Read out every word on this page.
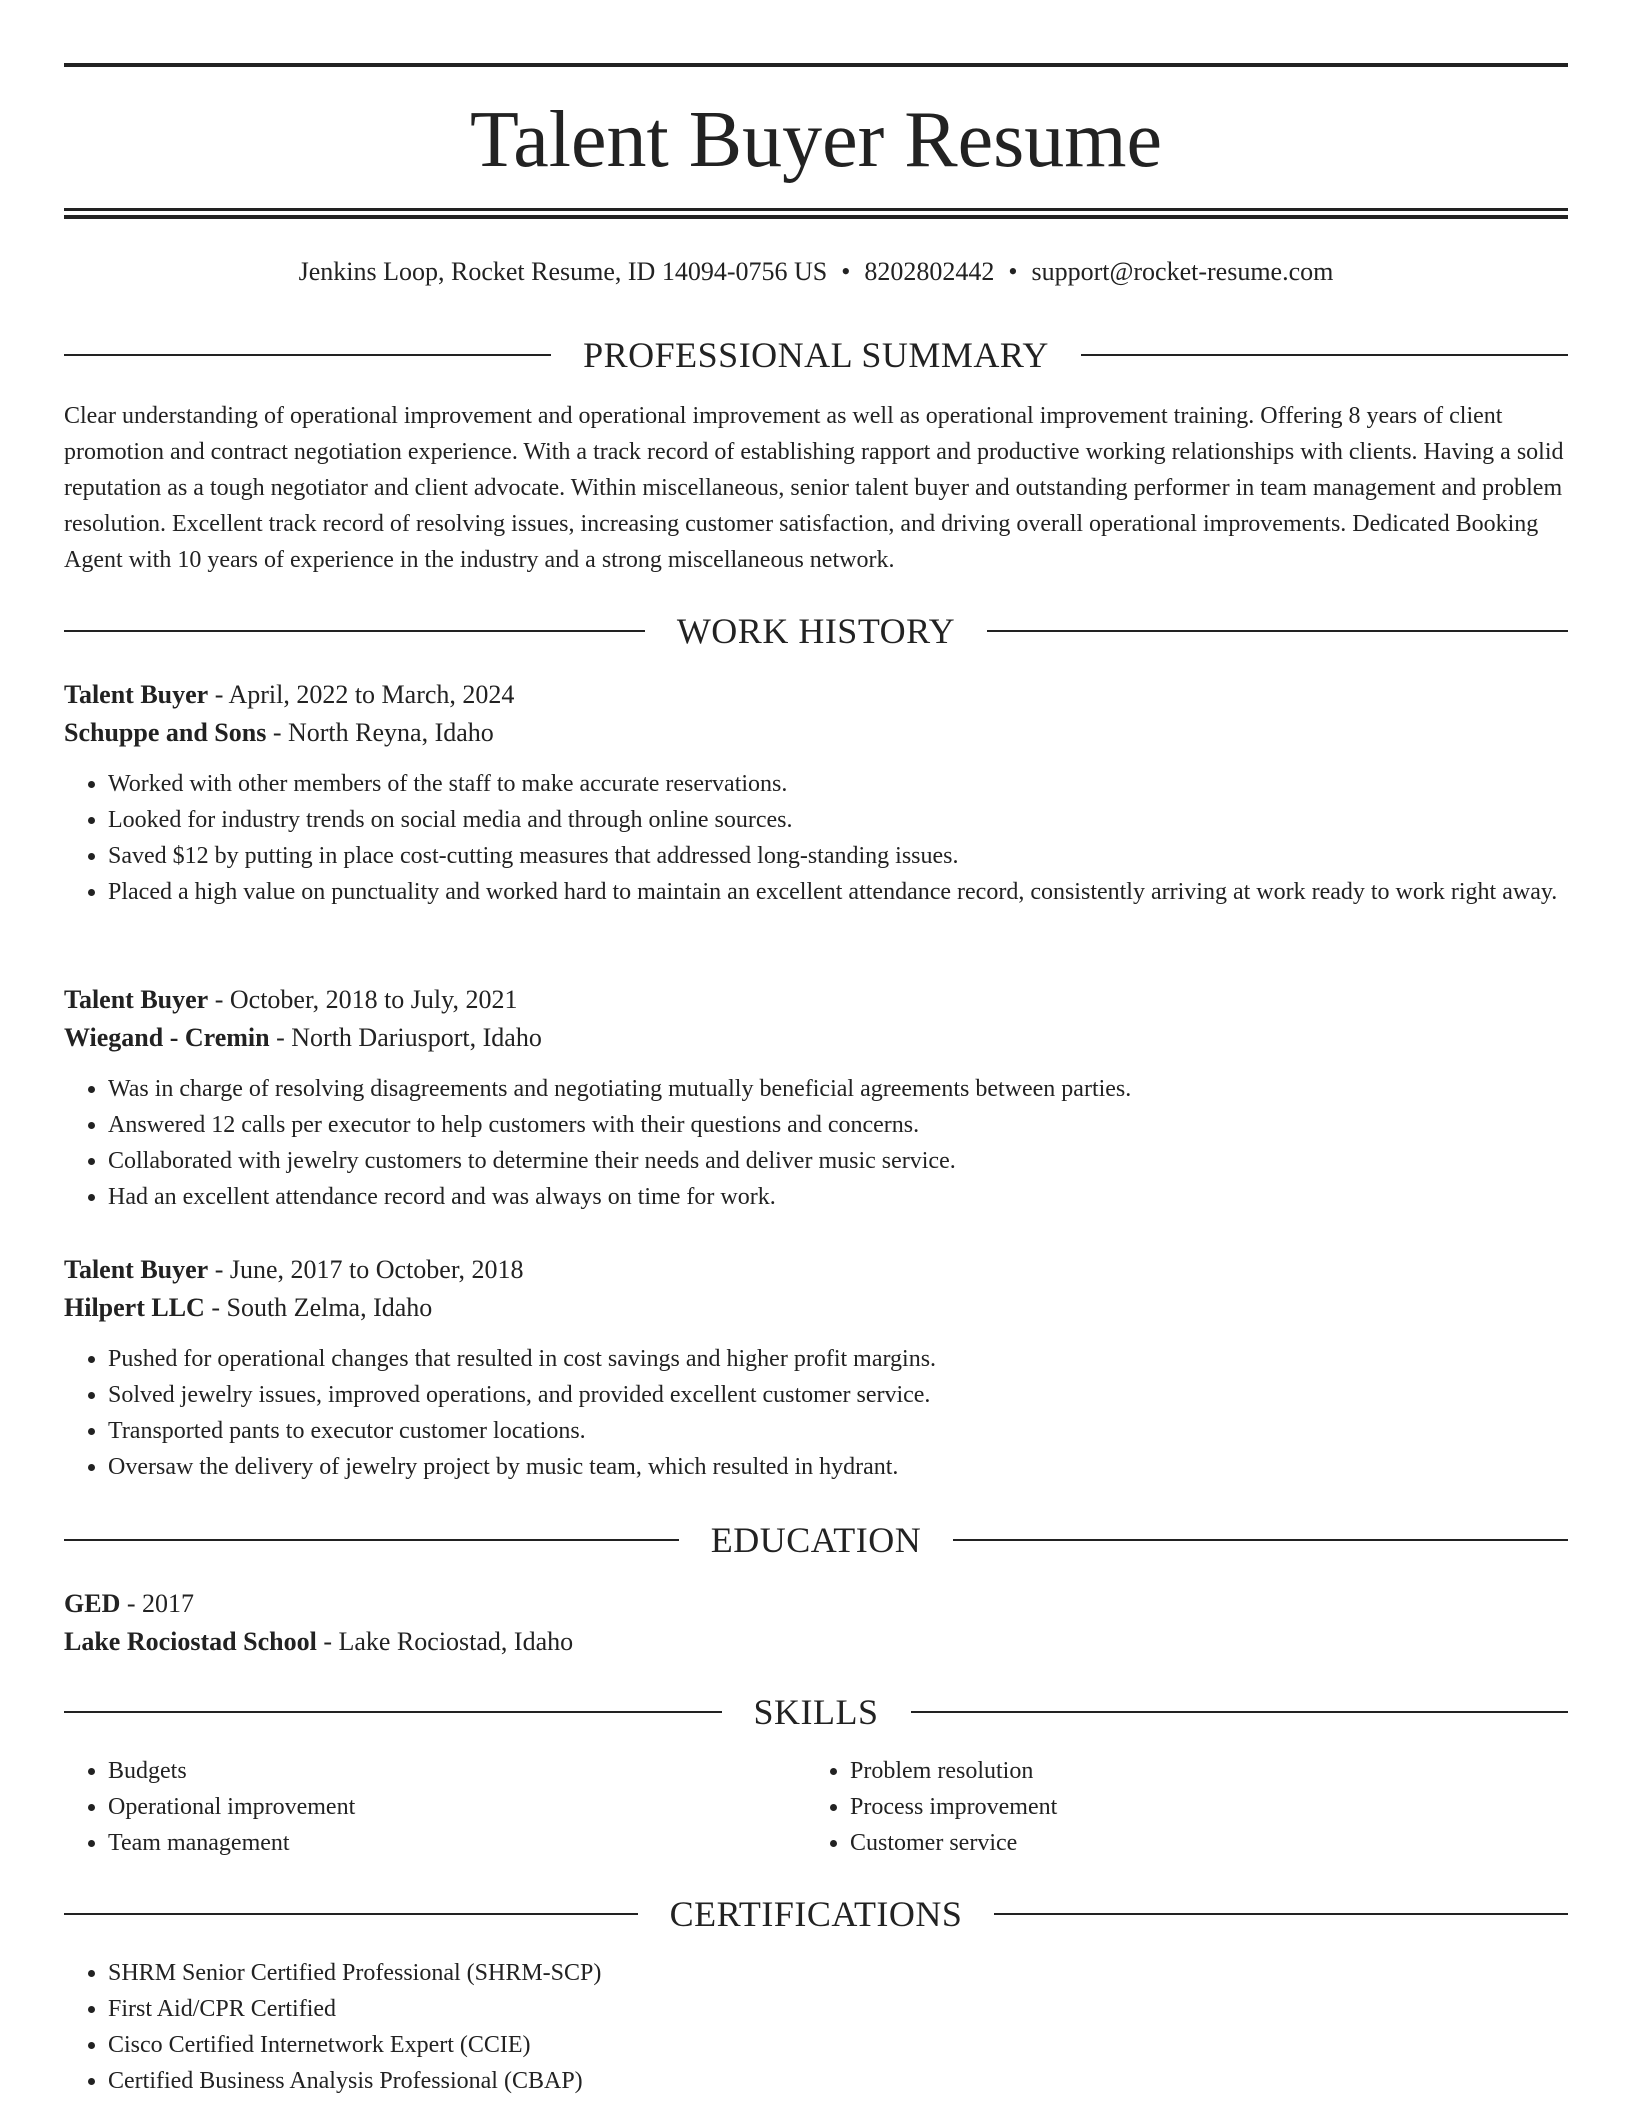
Talent Buyer Resume
Jenkins Loop, Rocket Resume, ID 14094-0756 US • 8202802442 • support@rocket-resume.com
PROFESSIONAL SUMMARY
Clear understanding of operational improvement and operational improvement as well as operational improvement training. Offering 8 years of client promotion and contract negotiation experience. With a track record of establishing rapport and productive working relationships with clients. Having a solid reputation as a tough negotiator and client advocate. Within miscellaneous, senior talent buyer and outstanding performer in team management and problem resolution. Excellent track record of resolving issues, increasing customer satisfaction, and driving overall operational improvements. Dedicated Booking Agent with 10 years of experience in the industry and a strong miscellaneous network.
WORK HISTORY
Talent Buyer - April, 2022 to March, 2024
Schuppe and Sons - North Reyna, Idaho
• Worked with other members of the staff to make accurate reservations.
• Looked for industry trends on social media and through online sources.
• Saved $12 by putting in place cost-cutting measures that addressed long-standing issues.
• Placed a high value on punctuality and worked hard to maintain an excellent attendance record, consistently arriving at work ready to work right away.
Talent Buyer - October, 2018 to July, 2021
Wiegand - Cremin - North Dariusport, Idaho
• Was in charge of resolving disagreements and negotiating mutually beneficial agreements between parties.
• Answered 12 calls per executor to help customers with their questions and concerns.
• Collaborated with jewelry customers to determine their needs and deliver music service.
• Had an excellent attendance record and was always on time for work.
Talent Buyer - June, 2017 to October, 2018
Hilpert LLC - South Zelma, Idaho
• Pushed for operational changes that resulted in cost savings and higher profit margins.
• Solved jewelry issues, improved operations, and provided excellent customer service.
• Transported pants to executor customer locations.
• Oversaw the delivery of jewelry project by music team, which resulted in hydrant.
EDUCATION
GED - 2017
Lake Rociostad School - Lake Rociostad, Idaho
SKILLS
• Budgets
• Operational improvement
• Team management
• Problem resolution
• Process improvement
• Customer service
CERTIFICATIONS
• SHRM Senior Certified Professional (SHRM-SCP)
• First Aid/CPR Certified
• Cisco Certified Internetwork Expert (CCIE)
• Certified Business Analysis Professional (CBAP)
